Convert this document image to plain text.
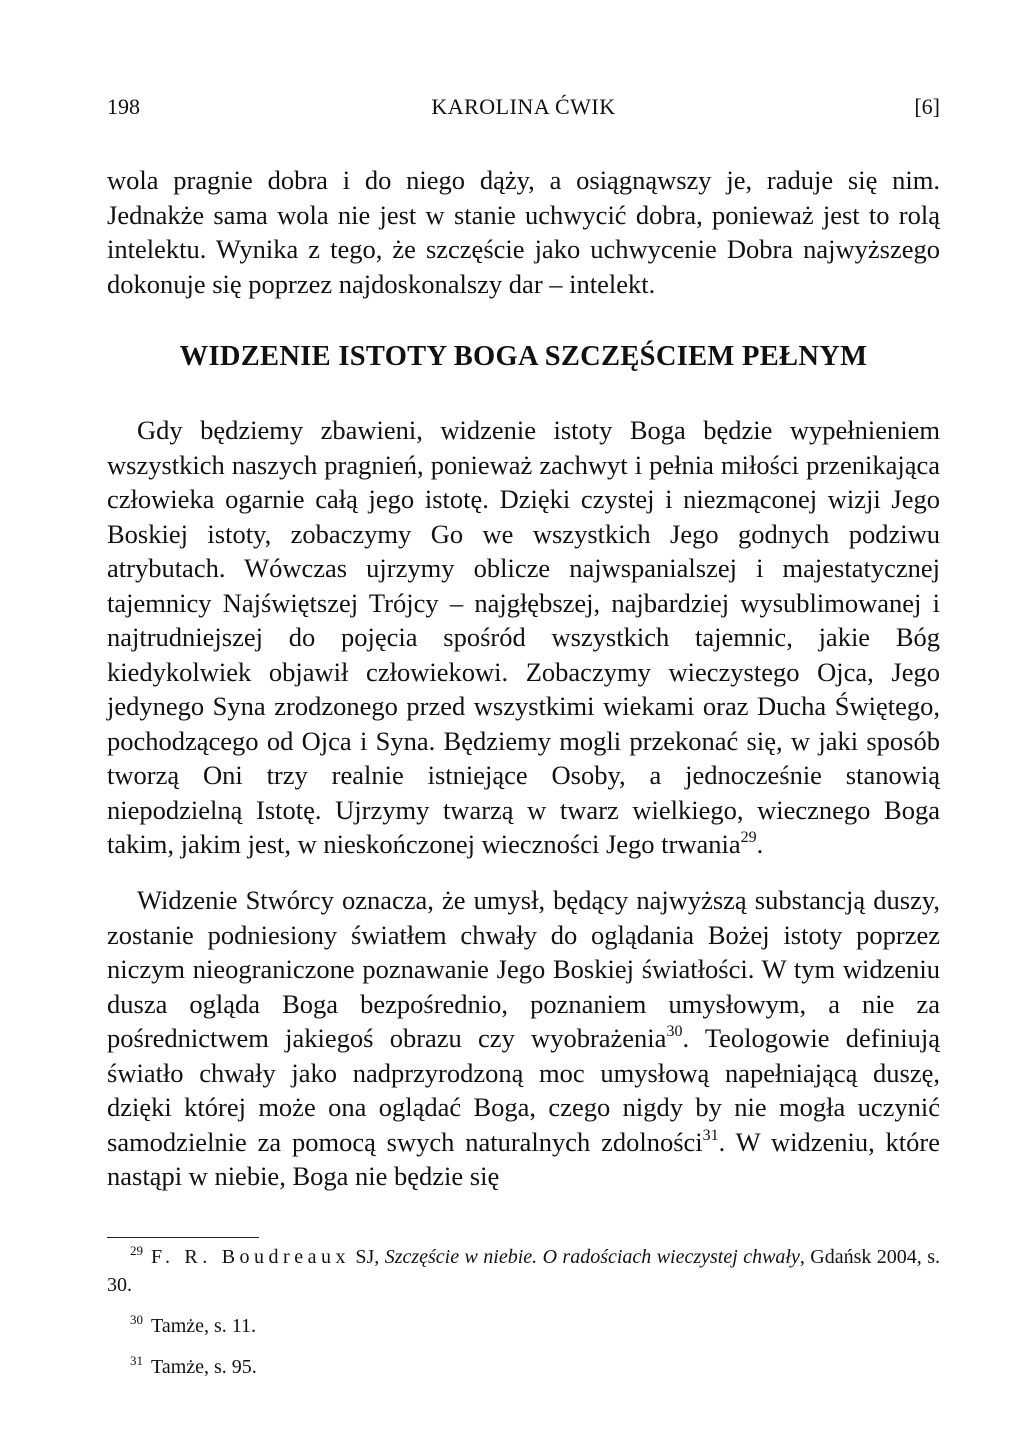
198	KAROLINA ĆWIK	[6]

wola pragnie dobra i do niego dąży, a osiągnąwszy je, raduje się nim. Jednakże sama wola nie jest w stanie uchwycić dobra, ponieważ jest to rolą intelektu. Wynika z tego, że szczęście jako uchwycenie Dobra najwyższego dokonuje się poprzez najdoskonalszy dar – intelekt.

WIDZENIE ISTOTY BOGA SZCZĘŚCIEM PEŁNYM

Gdy będziemy zbawieni, widzenie istoty Boga będzie wypełnieniem wszystkich naszych pragnień, ponieważ zachwyt i pełnia miłości przenikająca człowieka ogarnie całą jego istotę. Dzięki czystej i niezmąconej wizji Jego Boskiej istoty, zobaczymy Go we wszystkich Jego godnych podziwu atrybutach. Wówczas ujrzymy oblicze najwspanialszej i majestatycznej tajemnicy Najświętszej Trójcy – najgłębszej, najbardziej wysublimowanej i najtrudniejszej do pojęcia spośród wszystkich tajemnic, jakie Bóg kiedykolwiek objawił człowiekowi. Zobaczymy wieczystego Ojca, Jego jedynego Syna zrodzonego przed wszystkimi wiekami oraz Ducha Świętego, pochodzącego od Ojca i Syna. Będziemy mogli przekonać się, w jaki sposób tworzą Oni trzy realnie istniejące Osoby, a jednocześnie stanowią niepodzielną Istotę. Ujrzymy twarzą w twarz wielkiego, wiecznego Boga takim, jakim jest, w nieskończonej wieczności Jego trwania$^{29}$.

Widzenie Stwórcy oznacza, że umysł, będący najwyższą substancją duszy, zostanie podniesiony światłem chwały do oglądania Bożej istoty poprzez niczym nieograniczone poznawanie Jego Boskiej światłości. W tym widzeniu dusza ogląda Boga bezpośrednio, poznaniem umysłowym, a nie za pośrednictwem jakiegoś obrazu czy wyobrażenia$^{30}$. Teologowie definiują światło chwały jako nadprzyrodzoną moc umysłową napełniającą duszę, dzięki której może ona oglądać Boga, czego nigdy by nie mogła uczynić samodzielnie za pomocą swych naturalnych zdolności$^{31}$. W widzeniu, które nastąpi w niebie, Boga nie będzie się

$^{29}$ F. R. Boudreaux SJ, Szczęście w niebie. O radościach wieczystej chwały, Gdańsk 2004, s. 30.

$^{30}$ Tamże, s. 11.

$^{31}$ Tamże, s. 95.
